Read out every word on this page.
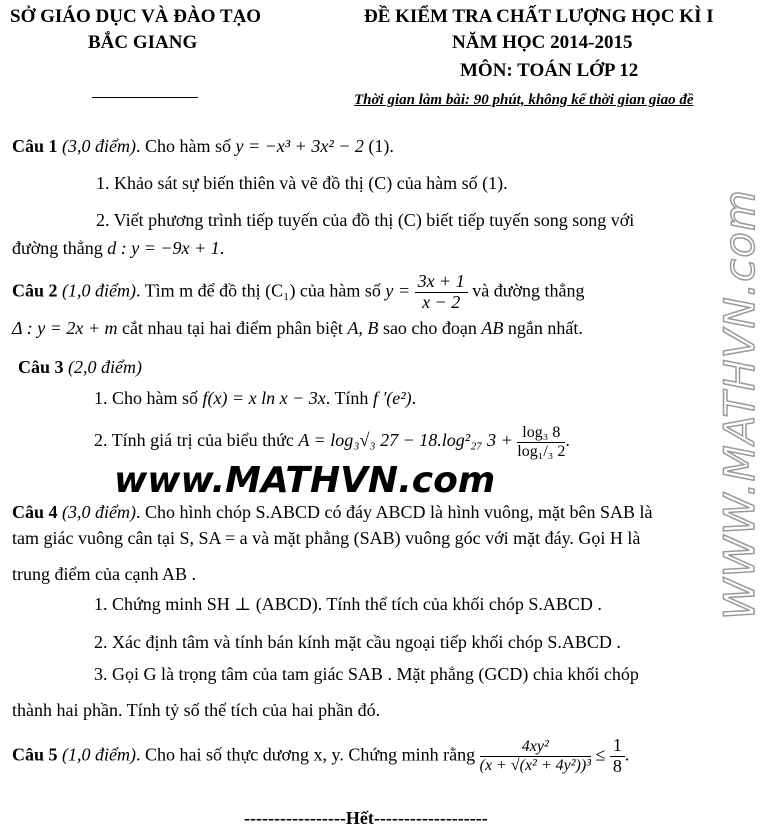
SỞ GIÁO DỤC VÀ ĐÀO TẠO
BẮC GIANG
ĐỀ KIỂM TRA CHẤT LƯỢNG HỌC KÌ I
NĂM HỌC 2014-2015
MÔN: TOÁN LỚP 12
Thời gian làm bài: 90 phút, không kể thời gian giao đề
Câu 1 (3,0 điểm). Cho hàm số y = −x³ + 3x² − 2 (1).
1. Khảo sát sự biến thiên và vẽ đồ thị (C) của hàm số (1).
2. Viết phương trình tiếp tuyến của đồ thị (C) biết tiếp tuyến song song với
đường thẳng d : y = −9x + 1.
Câu 2 (1,0 điểm). Tìm m để đồ thị (C₁) của hàm số $y = \frac{3x + 1}{x - 2}$ và đường thẳng
Δ : y = 2x + m cắt nhau tại hai điểm phân biệt A, B sao cho đoạn AB ngắn nhất.
Câu 3 (2,0 điểm)
1. Cho hàm số f(x) = x ln x − 3x. Tính f '(e²).
2. Tính giá trị của biểu thức A = log₃√₃ 27 − 18.log²₂₇ $3 + \frac{\text{log₃ 8}}{\text{log₁/₃ 2}}$ .
www.MATHVN.com	WWW.MATHVN.com
Câu 4 (3,0 điểm). Cho hình chóp S.ABCD có đáy ABCD là hình vuông, mặt bên SAB là
tam giác vuông cân tại S, SA = a và mặt phẳng (SAB) vuông góc với mặt đáy. Gọi H là
trung điểm của cạnh AB .
1. Chứng minh SH ⊥ (ABCD). Tính thể tích của khối chóp S.ABCD .
2. Xác định tâm và tính bán kính mặt cầu ngoại tiếp khối chóp S.ABCD .
3. Gọi G là trọng tâm của tam giác SAB . Mặt phẳng (GCD) chia khối chóp
thành hai phần. Tính tỷ số thể tích của hai phần đó.
Câu 5 (1,0 điểm). Cho hai số thực dương x, y. Chứng minh rằng $\frac{\text{4xy²}}{\text{(x + √(x² + 4y²))³}} \le \frac{1}{8}$ .
-----------------Hết-------------------
